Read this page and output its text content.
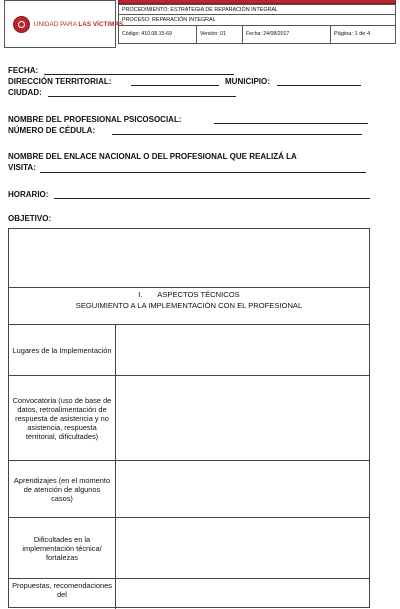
UNIDAD PARA LAS VÍCTIMAS
PROCEDIMIENTO: ESTRATEGIA DE REPARACIÓN INTEGRAL
PROCESO: REPARACIÓN INTEGRAL
Código: 410.08.15-69	Versión: 01	Fecha: 24/08/2017	Página: 1 de 4
FECHA:
DIRECCIÓN TERRITORIAL:	MUNICIPIO:
CIUDAD:
NOMBRE DEL PROFESIONAL PSICOSOCIAL:
NÚMERO DE CÉDULA:
NOMBRE DEL ENLACE NACIONAL O DEL PROFESIONAL QUE REALIZÁ LA
VISITA:
HORARIO:
OBJETIVO:
I. ASPECTOS TÉCNICOS
SEGUIMIENTO A LA IMPLEMENTACIÓN CON EL PROFESIONAL
Lugares de la Implementación
Convocatoria (uso de base de datos, retroalimentación de respuesta de asistencia y no asistencia, respuesta territorial, dificultades)
Aprendizajes (en el momento de atención de algunos casos)
Dificultades en la implementación técnica/ fortalezas
Propuestas, recomendaciones del
